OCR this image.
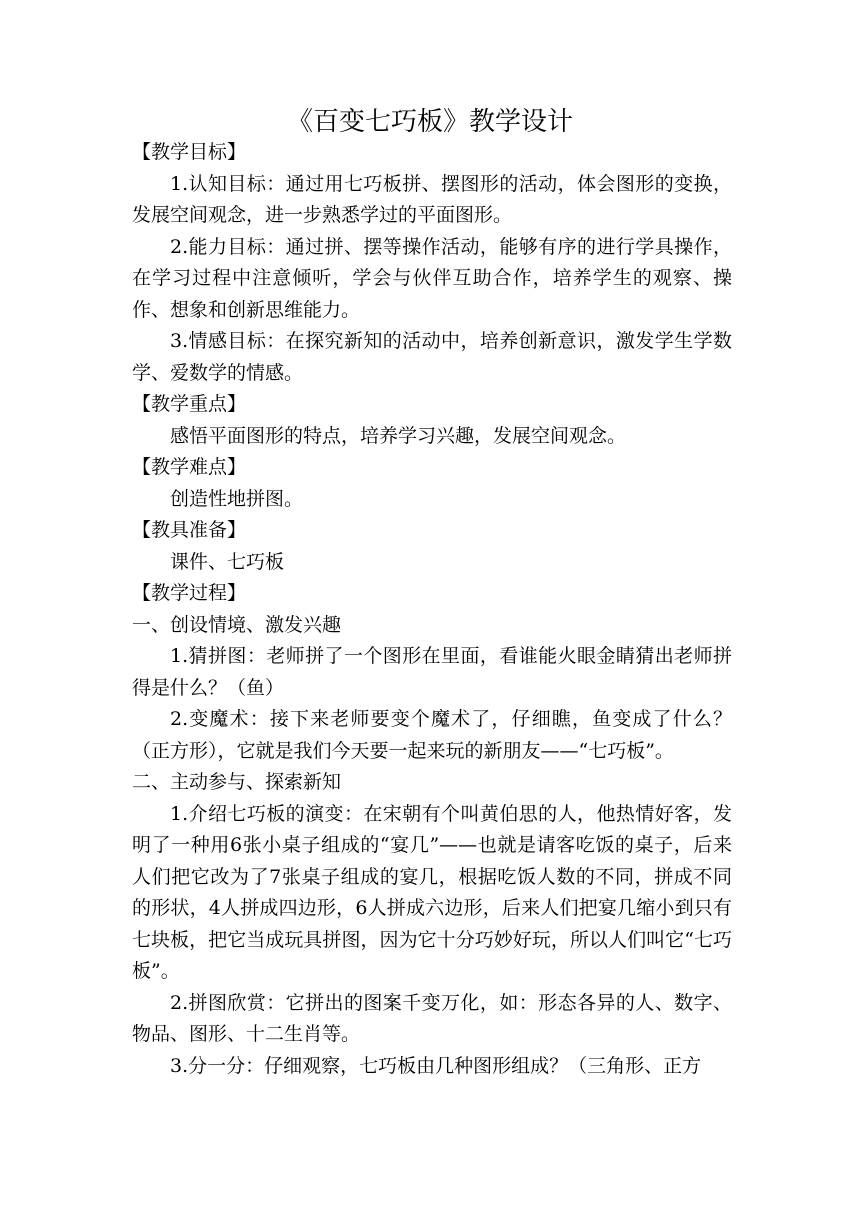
《百变七巧板》教学设计

【教学目标】

1.认知目标：通过用七巧板拼、摆图形的活动，体会图形的变换，发展空间观念，进一步熟悉学过的平面图形。

2.能力目标：通过拼、摆等操作活动，能够有序的进行学具操作，在学习过程中注意倾听，学会与伙伴互助合作，培养学生的观察、操作、想象和创新思维能力。

3.情感目标：在探究新知的活动中，培养创新意识，激发学生学数学、爱数学的情感。

【教学重点】

感悟平面图形的特点，培养学习兴趣，发展空间观念。

【教学难点】

创造性地拼图。

【教具准备】

课件、七巧板

【教学过程】

一、创设情境、激发兴趣

1.猜拼图：老师拼了一个图形在里面，看谁能火眼金睛猜出老师拼得是什么？（鱼）

2.变魔术：接下来老师要变个魔术了，仔细瞧，鱼变成了什么？（正方形），它就是我们今天要一起来玩的新朋友——“七巧板”。

二、主动参与、探索新知

1.介绍七巧板的演变：在宋朝有个叫黄伯思的人，他热情好客，发明了一种用6张小桌子组成的“宴几”——也就是请客吃饭的桌子，后来人们把它改为了7张桌子组成的宴几，根据吃饭人数的不同，拼成不同的形状，4人拼成四边形，6人拼成六边形，后来人们把宴几缩小到只有七块板，把它当成玩具拼图，因为它十分巧妙好玩，所以人们叫它“七巧板”。

2.拼图欣赏：它拼出的图案千变万化，如：形态各异的人、数字、物品、图形、十二生肖等。

3.分一分：仔细观察，七巧板由几种图形组成？（三角形、正方
